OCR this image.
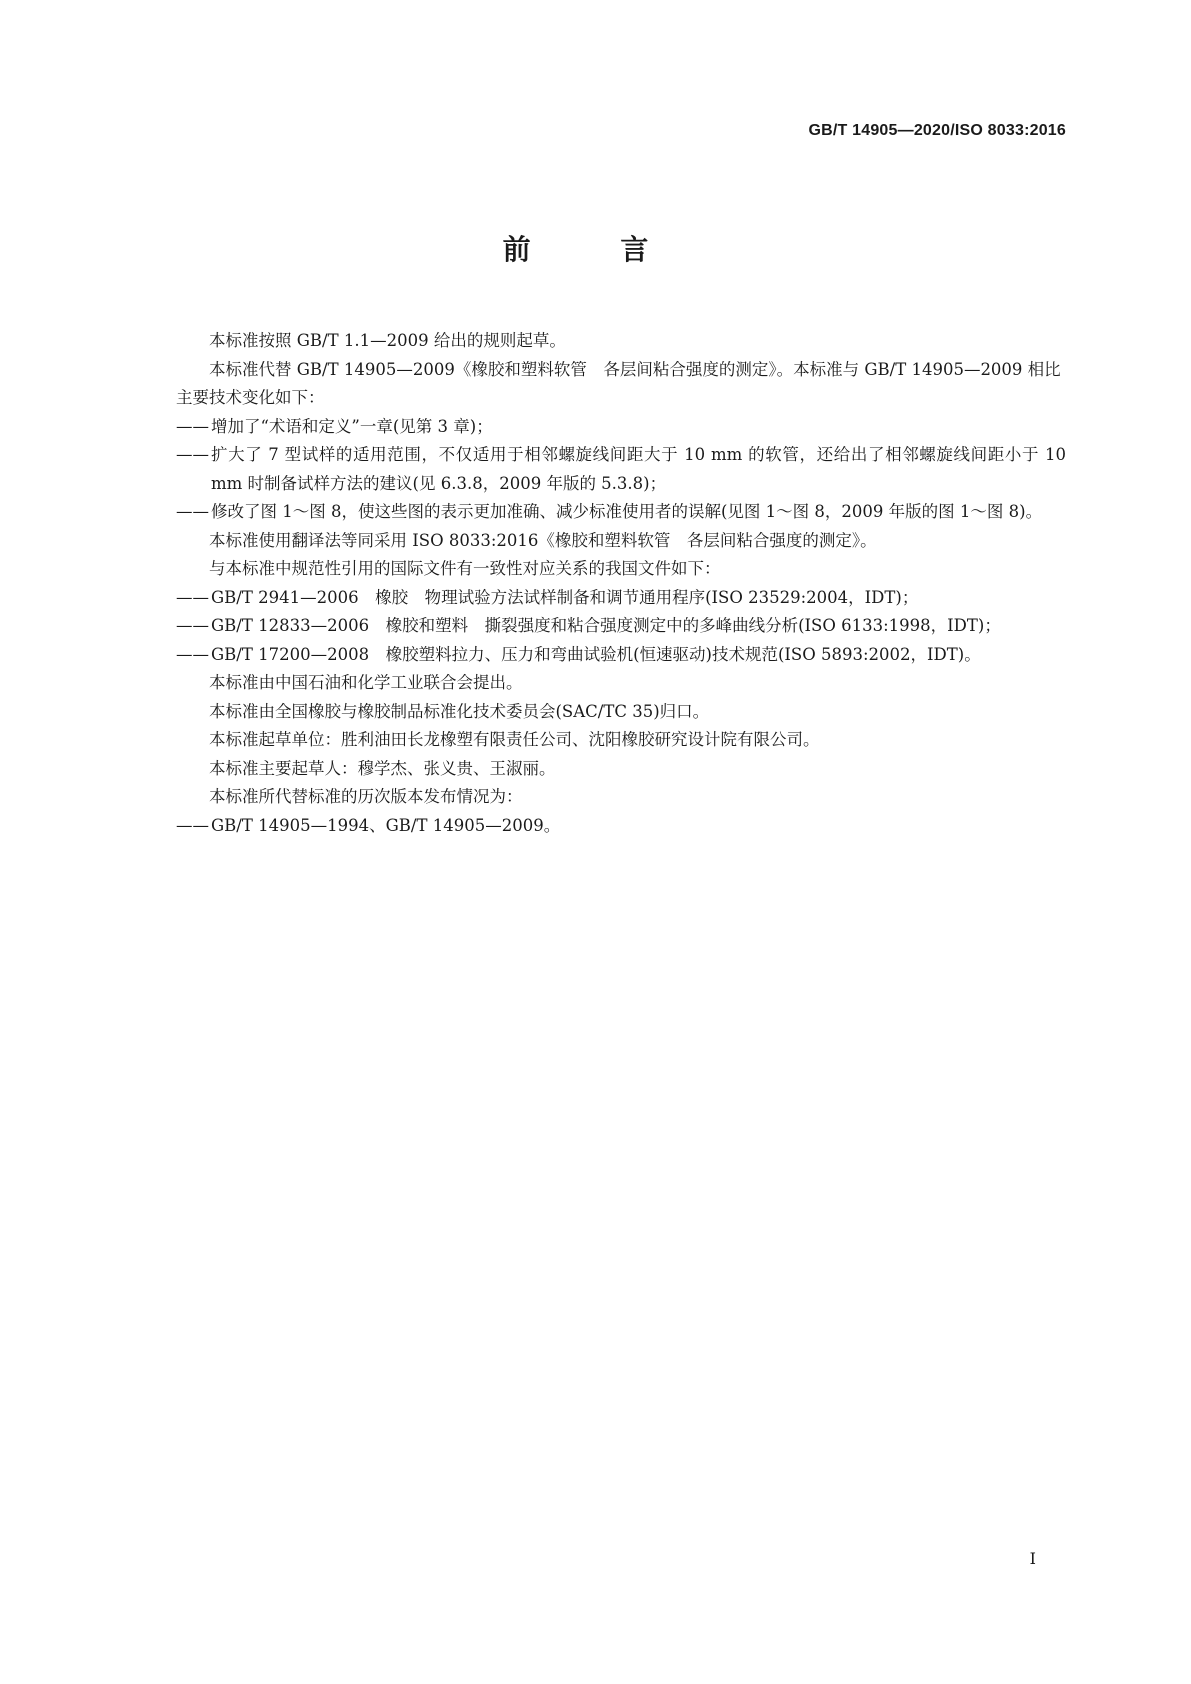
GB/T 14905—2020/ISO 8033:2016
前 言

本标准按照 GB/T 1.1—2009 给出的规则起草。

本标准代替 GB/T 14905—2009《橡胶和塑料软管　各层间粘合强度的测定》。本标准与 GB/T 14905—2009 相比主要技术变化如下：

—— 增加了“术语和定义”一章(见第 3 章)；
—— 扩大了 7 型试样的适用范围，不仅适用于相邻螺旋线间距大于 10 mm 的软管，还给出了相邻螺旋线间距小于 10 mm 时制备试样方法的建议(见 6.3.8，2009 年版的 5.3.8)；
—— 修改了图 1～图 8，使这些图的表示更加准确、减少标准使用者的误解(见图 1～图 8，2009 年版的图 1～图 8)。

本标准使用翻译法等同采用 ISO 8033:2016《橡胶和塑料软管　各层间粘合强度的测定》。

与本标准中规范性引用的国际文件有一致性对应关系的我国文件如下：

—— GB/T 2941—2006　橡胶　物理试验方法试样制备和调节通用程序(ISO 23529:2004，IDT)；
—— GB/T 12833—2006　橡胶和塑料　撕裂强度和粘合强度测定中的多峰曲线分析(ISO 6133:1998，IDT)；
—— GB/T 17200—2008　橡胶塑料拉力、压力和弯曲试验机(恒速驱动)技术规范(ISO 5893:2002，IDT)。

本标准由中国石油和化学工业联合会提出。

本标准由全国橡胶与橡胶制品标准化技术委员会(SAC/TC 35)归口。

本标准起草单位：胜利油田长龙橡塑有限责任公司、沈阳橡胶研究设计院有限公司。

本标准主要起草人：穆学杰、张义贵、王淑丽。

本标准所代替标准的历次版本发布情况为：

—— GB/T 14905—1994、GB/T 14905—2009。
I
